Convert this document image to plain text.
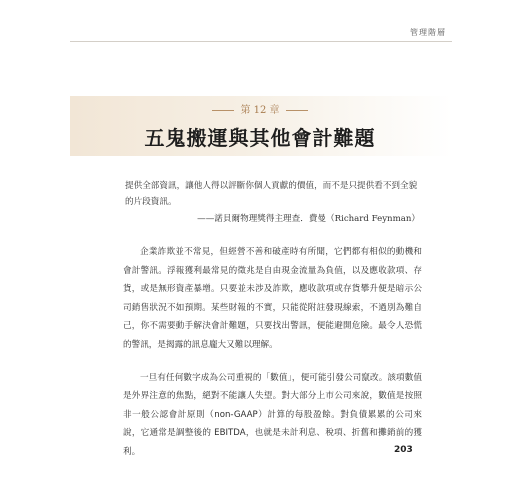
管理階層
第 12 章
五鬼搬運與其他會計難題

提供全部資訊，讓他人得以評斷你個人貢獻的價值，而不是只提供看不到全貌

的片段資訊。

——諾貝爾物理獎得主理查．費曼（Richard Feynman）

企業詐欺並不常見，但經營不善和破產時有所聞，它們都有相似的動機和會計警訊。浮報獲利最常見的徵兆是自由現金流量為負值，以及應收款項、存貨，或是無形資產暴增。只要並未涉及詐欺，應收款項或存貨攀升便是暗示公司銷售狀況不如預期。某些財報的不實，只能從附註發現線索，不過別為難自己，你不需要動手解決會計難題，只要找出警訊，便能避開危險。最令人恐慌的警訊，是揭露的訊息龐大又難以理解。

一旦有任何數字成為公司重視的「數值」，便可能引發公司竄改。該項數值是外界注意的焦點，絕對不能讓人失望。對大部分上市公司來說，數值是按照非一般公認會計原則（non-GAAP）計算的每股盈餘。對負債累累的公司來說，它通常是調整後的 EBITDA，也就是未計利息、稅項、折舊和攤銷前的獲利。	203
